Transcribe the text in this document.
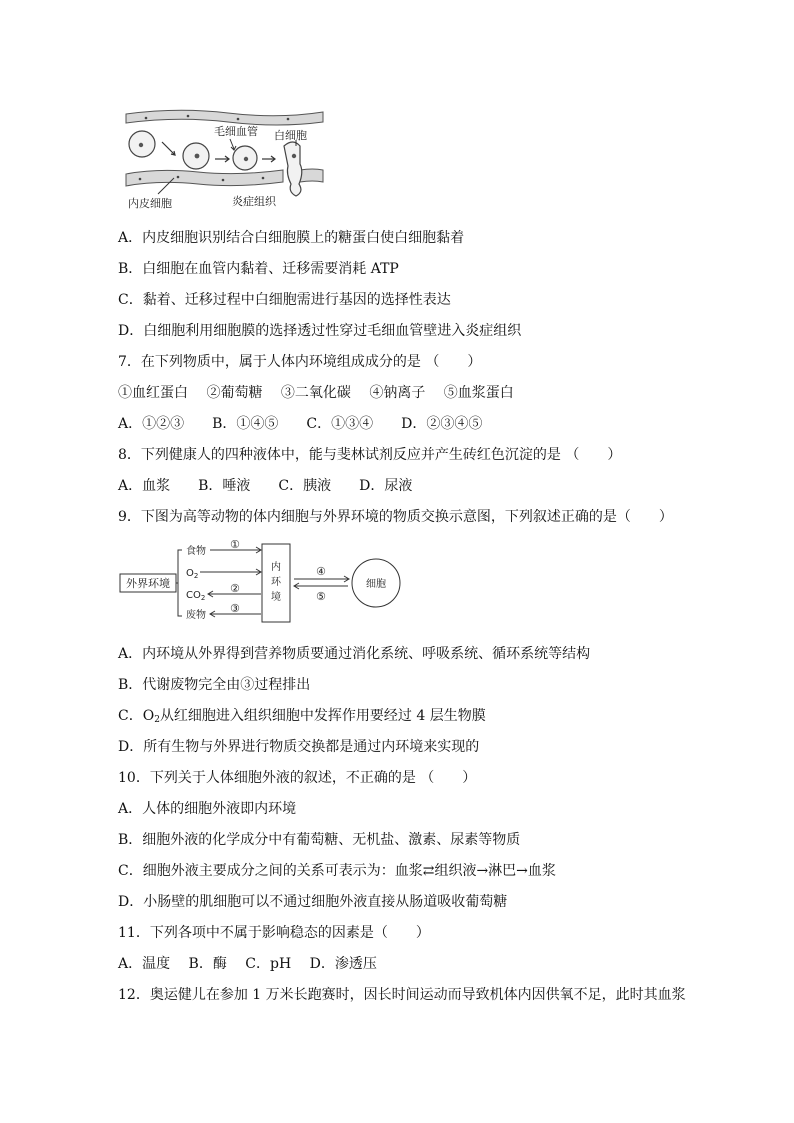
毛细血管 白细胞
内皮细胞	炎症组织
A．内皮细胞识别结合白细胞膜上的糖蛋白使白细胞黏着
B．白细胞在血管内黏着、迁移需要消耗 ATP
C．黏着、迁移过程中白细胞需进行基因的选择性表达
D．白细胞利用细胞膜的选择透过性穿过毛细血管壁进入炎症组织
7．在下列物质中，属于人体内环境组成成分的是 （　　）
①血红蛋白　 ②葡萄糖　 ③二氧化碳　 ④钠离子　 ⑤血浆蛋白
A．①②③　　B．①④⑤　　C．①③④　　D．②③④⑤
8．下列健康人的四种液体中，能与斐林试剂反应并产生砖红色沉淀的是 （　　）
A．血浆　　B．唾液　　C．胰液　　D．尿液
9．下图为高等动物的体内细胞与外界环境的物质交换示意图，下列叙述正确的是（　　）
外界环境
食物
$O_2$
$CO_2$
废物
①
②
③
内
环
境
④
⑤
细胞
A．内环境从外界得到营养物质要通过消化系统、呼吸系统、循环系统等结构
B．代谢废物完全由③过程排出
C．$O_2$从红细胞进入组织细胞中发挥作用要经过 4 层生物膜
D．所有生物与外界进行物质交换都是通过内环境来实现的
10．下列关于人体细胞外液的叙述，不正确的是 （　　）
A．人体的细胞外液即内环境
B．细胞外液的化学成分中有葡萄糖、无机盐、激素、尿素等物质
C．细胞外液主要成分之间的关系可表示为：血浆⇄组织液→淋巴→血浆
D．小肠壁的肌细胞可以不通过细胞外液直接从肠道吸收葡萄糖
11．下列各项中不属于影响稳态的因素是（　　）
A．温度　 B．酶　 C．pH　 D．渗透压
12．奥运健儿在参加 1 万米长跑赛时，因长时间运动而导致机体内因供氧不足，此时其血浆
